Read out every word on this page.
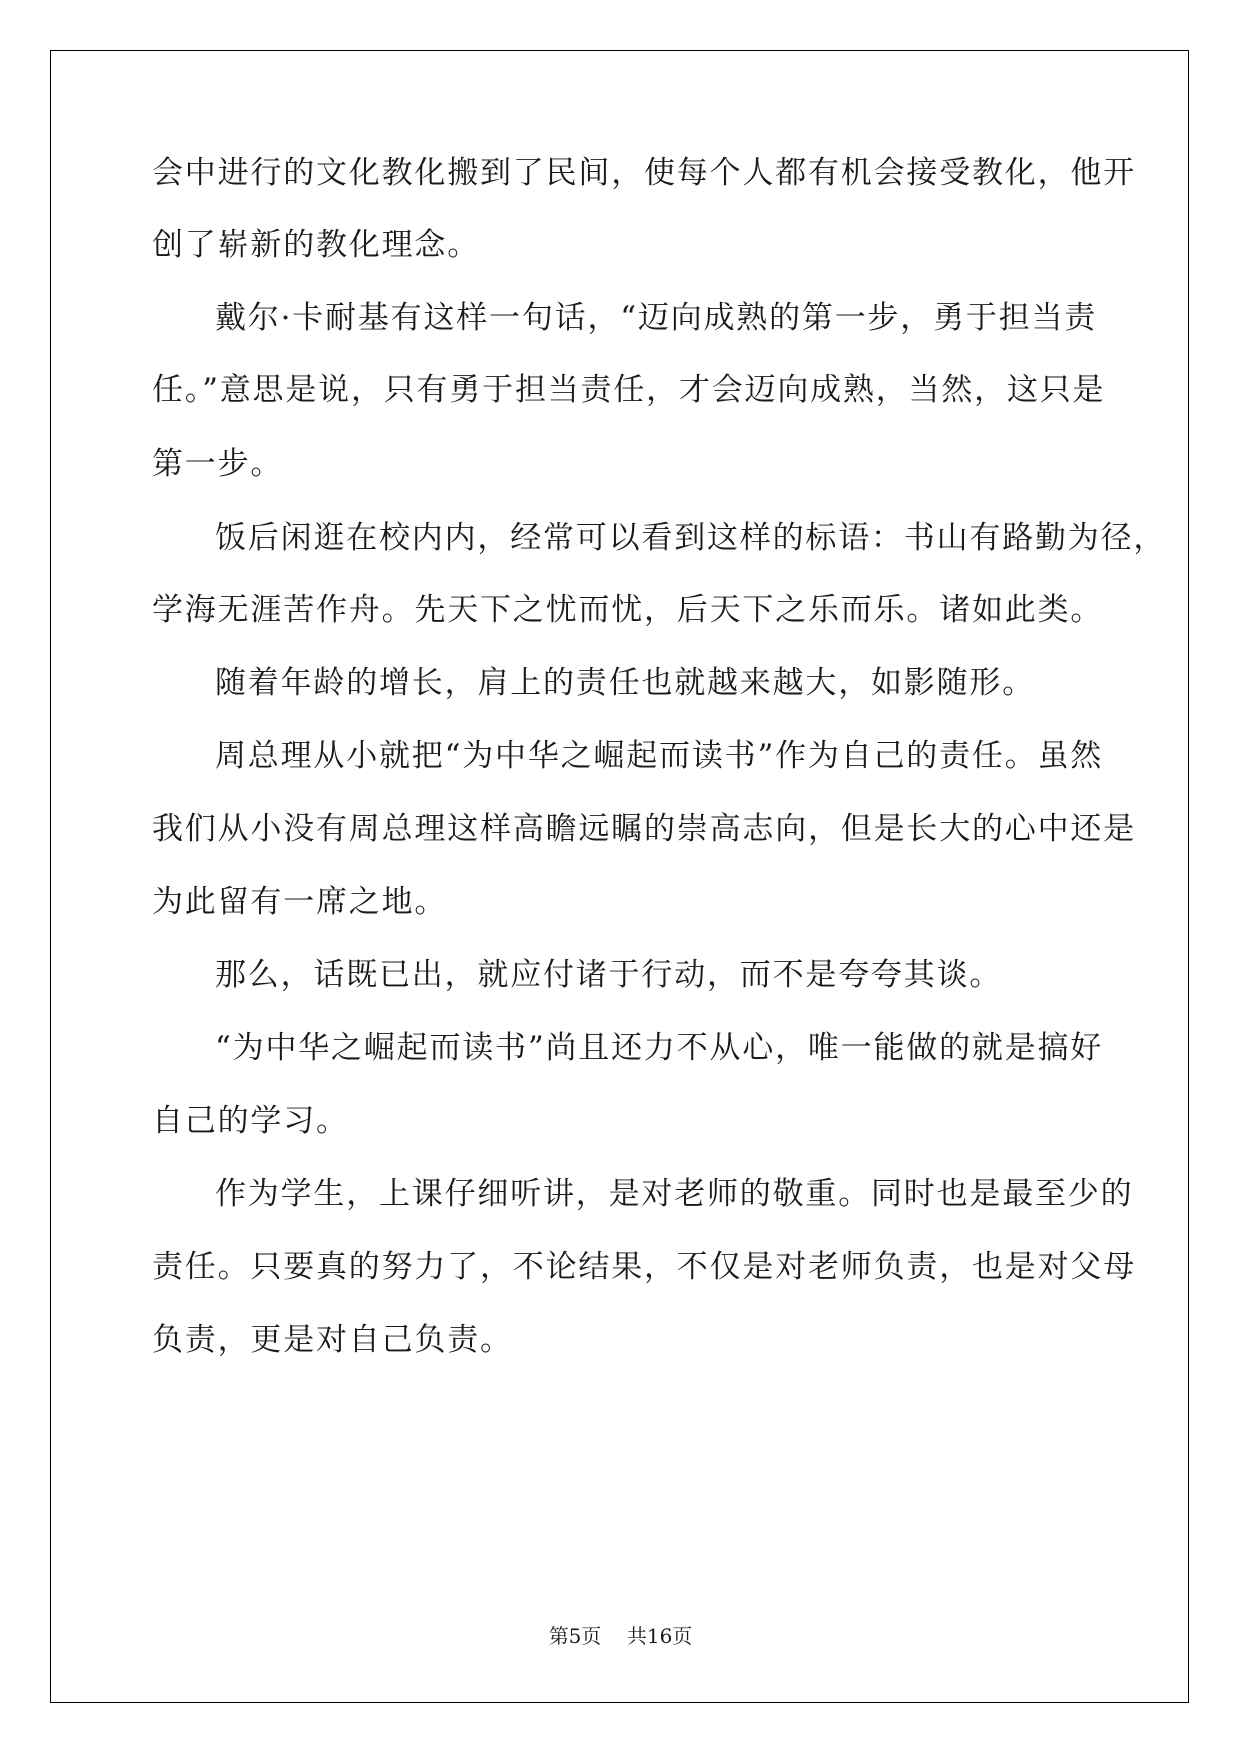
会中进行的文化教化搬到了民间，使每个人都有机会接受教化，他开
创了崭新的教化理念。
戴尔·卡耐基有这样一句话，“迈向成熟的第一步，勇于担当责
任。”意思是说，只有勇于担当责任，才会迈向成熟，当然，这只是
第一步。
饭后闲逛在校内内，经常可以看到这样的标语：书山有路勤为径，
学海无涯苦作舟。先天下之忧而忧，后天下之乐而乐。诸如此类。
随着年龄的增长，肩上的责任也就越来越大，如影随形。
周总理从小就把“为中华之崛起而读书”作为自己的责任。虽然
我们从小没有周总理这样高瞻远瞩的崇高志向，但是长大的心中还是
为此留有一席之地。
那么，话既已出，就应付诸于行动，而不是夸夸其谈。
“为中华之崛起而读书”尚且还力不从心，唯一能做的就是搞好
自己的学习。
作为学生，上课仔细听讲，是对老师的敬重。同时也是最至少的
责任。只要真的努力了，不论结果，不仅是对老师负责，也是对父母
负责，更是对自己负责。
第5页    共16页
